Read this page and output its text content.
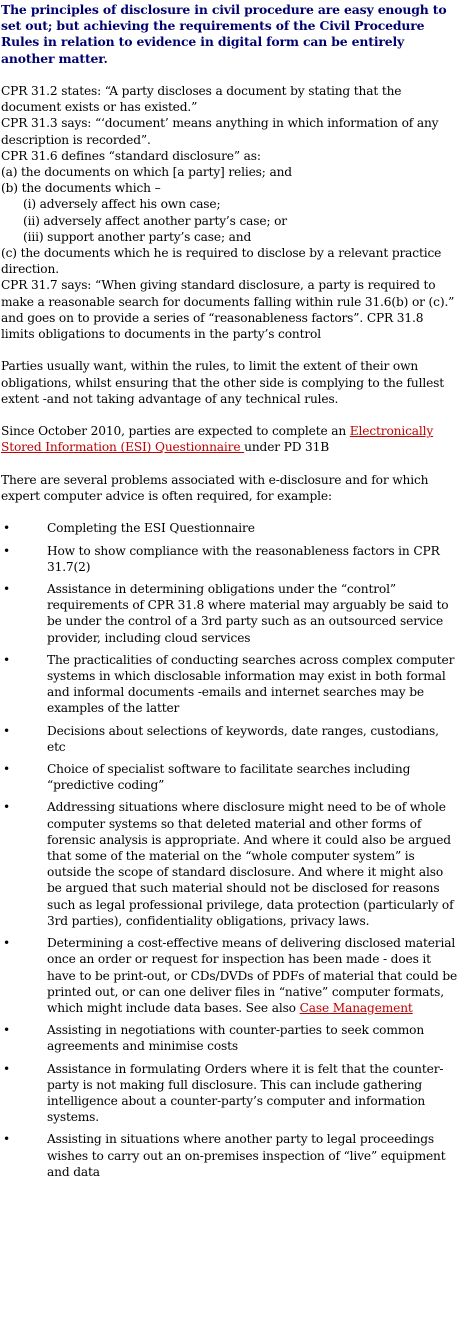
The principles of disclosure in civil procedure are easy enough to set out; but achieving the requirements of the Civil Procedure Rules in relation to evidence in digital form can be entirely another matter.

CPR 31.2 states: “A party discloses a document by stating that the document exists or has existed.”

CPR 31.3 says: “‘document’ means anything in which information of any description is recorded”.

CPR 31.6 defines “standard disclosure” as:

(a) the documents on which [a party] relies; and

(b) the documents which –

(i) adversely affect his own case;

(ii) adversely affect another party’s case; or

(iii) support another party’s case; and

(c) the documents which he is required to disclose by a relevant practice direction.

CPR 31.7 says: “When giving standard disclosure, a party is required to make a reasonable search for documents falling within rule 31.6(b) or (c).” and goes on to provide a series of “reasonableness factors”. CPR 31.8 limits obligations to documents in the party’s control

Parties usually want, within the rules, to limit the extent of their own obligations, whilst ensuring that the other side is complying to the fullest extent -and not taking advantage of any technical rules.

Since October 2010, parties are expected to complete an Electronically Stored Information (ESI) Questionnaire under PD 31B

There are several problems associated with e-disclosure and for which expert computer advice is often required, for example:

•	Completing the ESI Questionnaire
•	How to show compliance with the reasonableness factors in CPR 31.7(2)
•	Assistance in determining obligations under the “control” requirements of CPR 31.8 where material may arguably be said to be under the control of a 3rd party such as an outsourced service provider, including cloud services
•	The practicalities of conducting searches across complex computer systems in which disclosable information may exist in both formal and informal documents -emails and internet searches may be examples of the latter
•	Decisions about selections of keywords, date ranges, custodians, etc
•	Choice of specialist software to facilitate searches including “predictive coding”
•	Addressing situations where disclosure might need to be of whole computer systems so that deleted material and other forms of forensic analysis is appropriate. And where it could also be argued that some of the material on the “whole computer system” is outside the scope of standard disclosure. And where it might also be argued that such material should not be disclosed for reasons such as legal professional privilege, data protection (particularly of 3rd parties), confidentiality obligations, privacy laws.
•	Determining a cost-effective means of delivering disclosed material once an order or request for inspection has been made - does it have to be print-out, or CDs/DVDs of PDFs of material that could be printed out, or can one deliver files in “native” computer formats, which might include data bases. See also Case Management
•	Assisting in negotiations with counter-parties to seek common agreements and minimise costs
•	Assistance in formulating Orders where it is felt that the counter-party is not making full disclosure. This can include gathering intelligence about a counter-party’s computer and information systems.
•	Assisting in situations where another party to legal proceedings wishes to carry out an on-premises inspection of “live” equipment and data
